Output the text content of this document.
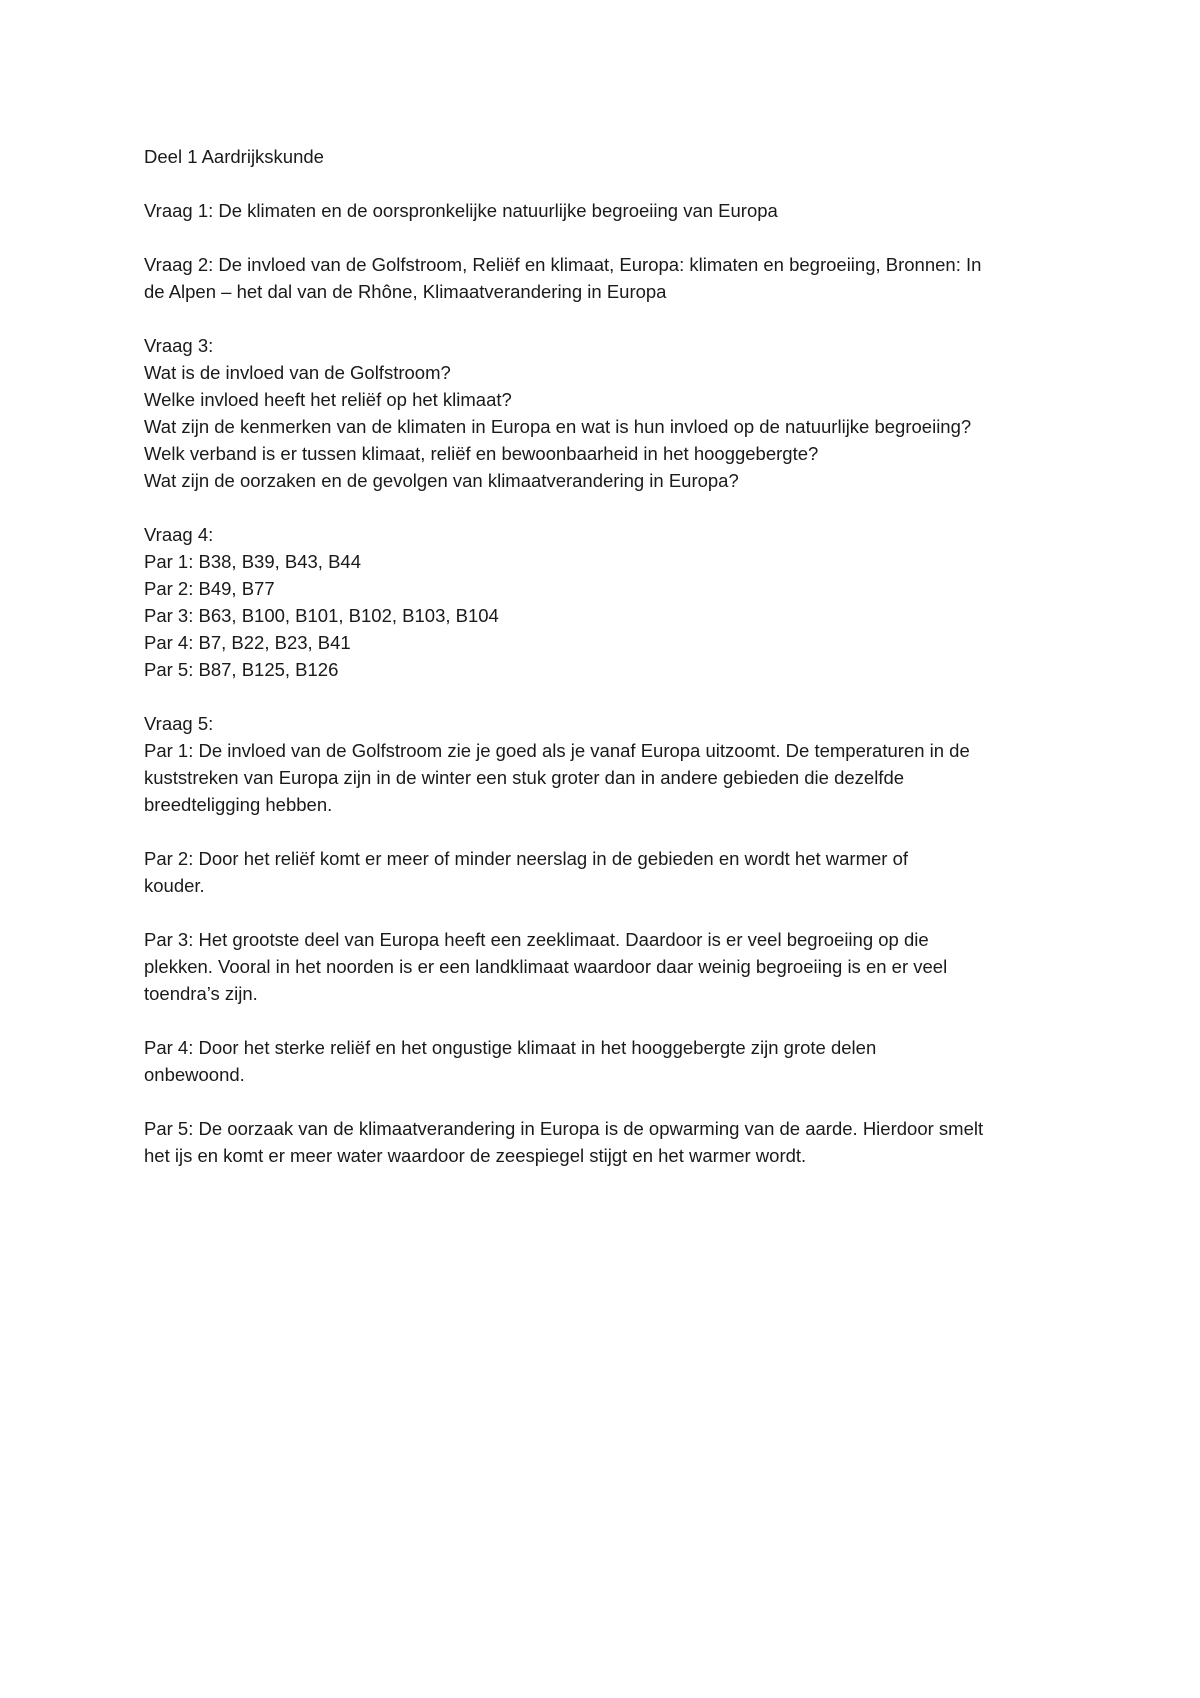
Deel 1 Aardrijkskunde
Vraag 1: De klimaten en de oorspronkelijke natuurlijke begroeiing van Europa
Vraag 2: De invloed van de Golfstroom, Reliëf en klimaat, Europa: klimaten en begroeiing, Bronnen: In
de Alpen – het dal van de Rhône, Klimaatverandering in Europa
Vraag 3:
Wat is de invloed van de Golfstroom?
Welke invloed heeft het reliëf op het klimaat?
Wat zijn de kenmerken van de klimaten in Europa en wat is hun invloed op de natuurlijke begroeiing?
Welk verband is er tussen klimaat, reliëf en bewoonbaarheid in het hooggebergte?
Wat zijn de oorzaken en de gevolgen van klimaatverandering in Europa?
Vraag 4:
Par 1: B38, B39, B43, B44
Par 2: B49, B77
Par 3: B63, B100, B101, B102, B103, B104
Par 4: B7, B22, B23, B41
Par 5: B87, B125, B126
Vraag 5:
Par 1: De invloed van de Golfstroom zie je goed als je vanaf Europa uitzoomt. De temperaturen in de
kuststreken van Europa zijn in de winter een stuk groter dan in andere gebieden die dezelfde
breedteligging hebben.
Par 2: Door het reliëf komt er meer of minder neerslag in de gebieden en wordt het warmer of
kouder.
Par 3: Het grootste deel van Europa heeft een zeeklimaat. Daardoor is er veel begroeiing op die
plekken. Vooral in het noorden is er een landklimaat waardoor daar weinig begroeiing is en er veel
toendra’s zijn.
Par 4: Door het sterke reliëf en het ongustige klimaat in het hooggebergte zijn grote delen
onbewoond.
Par 5: De oorzaak van de klimaatverandering in Europa is de opwarming van de aarde. Hierdoor smelt
het ijs en komt er meer water waardoor de zeespiegel stijgt en het warmer wordt.
